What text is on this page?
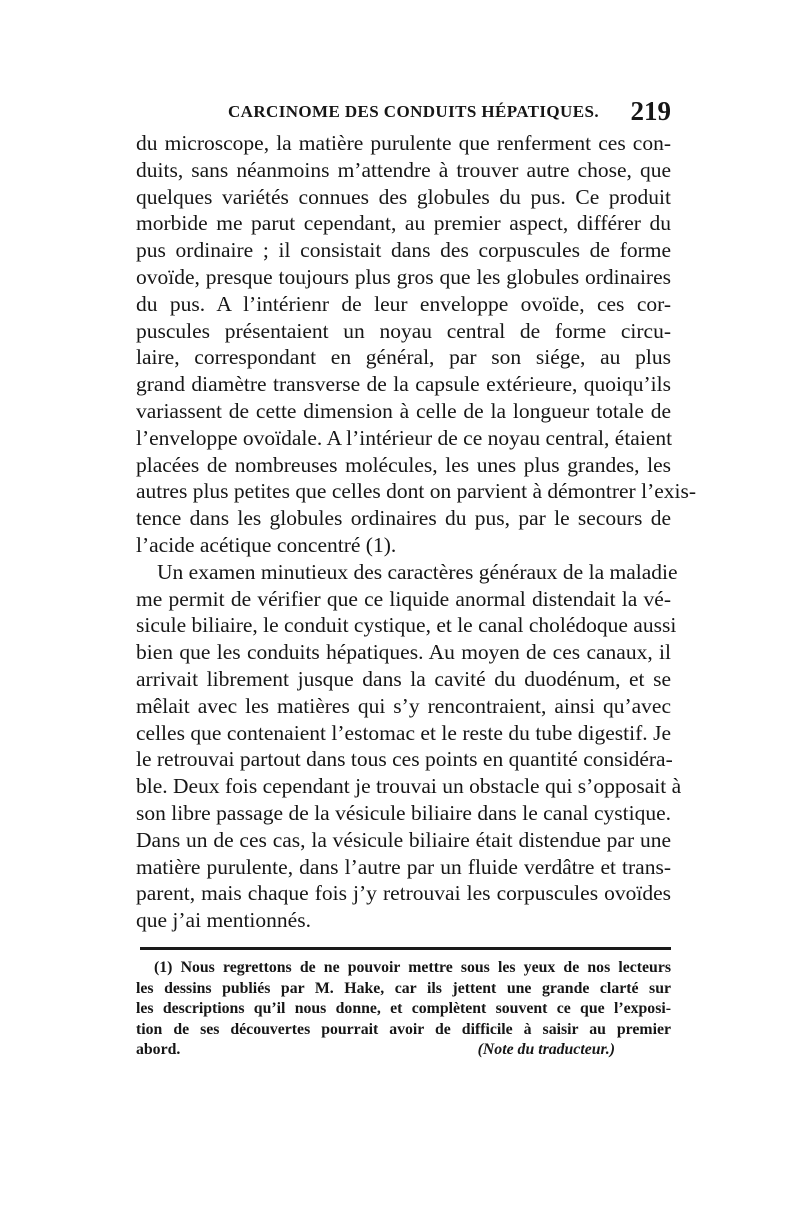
CARCINOME DES CONDUITS HÉPATIQUES. 219
du microscope, la matière purulente que renferment ces con-
duits, sans néanmoins m’attendre à trouver autre chose, que
quelques variétés connues des globules du pus. Ce produit
morbide me parut cependant, au premier aspect, différer du
pus ordinaire ; il consistait dans des corpuscules de forme
ovoïde, presque toujours plus gros que les globules ordinaires
du pus. A l’intérienr de leur enveloppe ovoïde, ces cor-
puscules présentaient un noyau central de forme circu-
laire, correspondant en général, par son siége, au plus
grand diamètre transverse de la capsule extérieure, quoiqu’ils
variassent de cette dimension à celle de la longueur totale de
l’enveloppe ovoïdale. A l’intérieur de ce noyau central, étaient
placées de nombreuses molécules, les unes plus grandes, les
autres plus petites que celles dont on parvient à démontrer l’exis-
tence dans les globules ordinaires du pus, par le secours de
l’acide acétique concentré (1).
Un examen minutieux des caractères généraux de la maladie
me permit de vérifier que ce liquide anormal distendait la vé-
sicule biliaire, le conduit cystique, et le canal cholédoque aussi
bien que les conduits hépatiques. Au moyen de ces canaux, il
arrivait librement jusque dans la cavité du duodénum, et se
mêlait avec les matières qui s’y rencontraient, ainsi qu’avec
celles que contenaient l’estomac et le reste du tube digestif. Je
le retrouvai partout dans tous ces points en quantité considéra-
ble. Deux fois cependant je trouvai un obstacle qui s’opposait à
son libre passage de la vésicule biliaire dans le canal cystique.
Dans un de ces cas, la vésicule biliaire était distendue par une
matière purulente, dans l’autre par un fluide verdâtre et trans-
parent, mais chaque fois j’y retrouvai les corpuscules ovoïdes
que j’ai mentionnés.
(1) Nous regrettons de ne pouvoir mettre sous les yeux de nos lecteurs
les dessins publiés par M. Hake, car ils jettent une grande clarté sur
les descriptions qu’il nous donne, et complètent souvent ce que l’exposi-
tion de ses découvertes pourrait avoir de difficile à saisir au premier
abord.	(Note du traducteur.)
